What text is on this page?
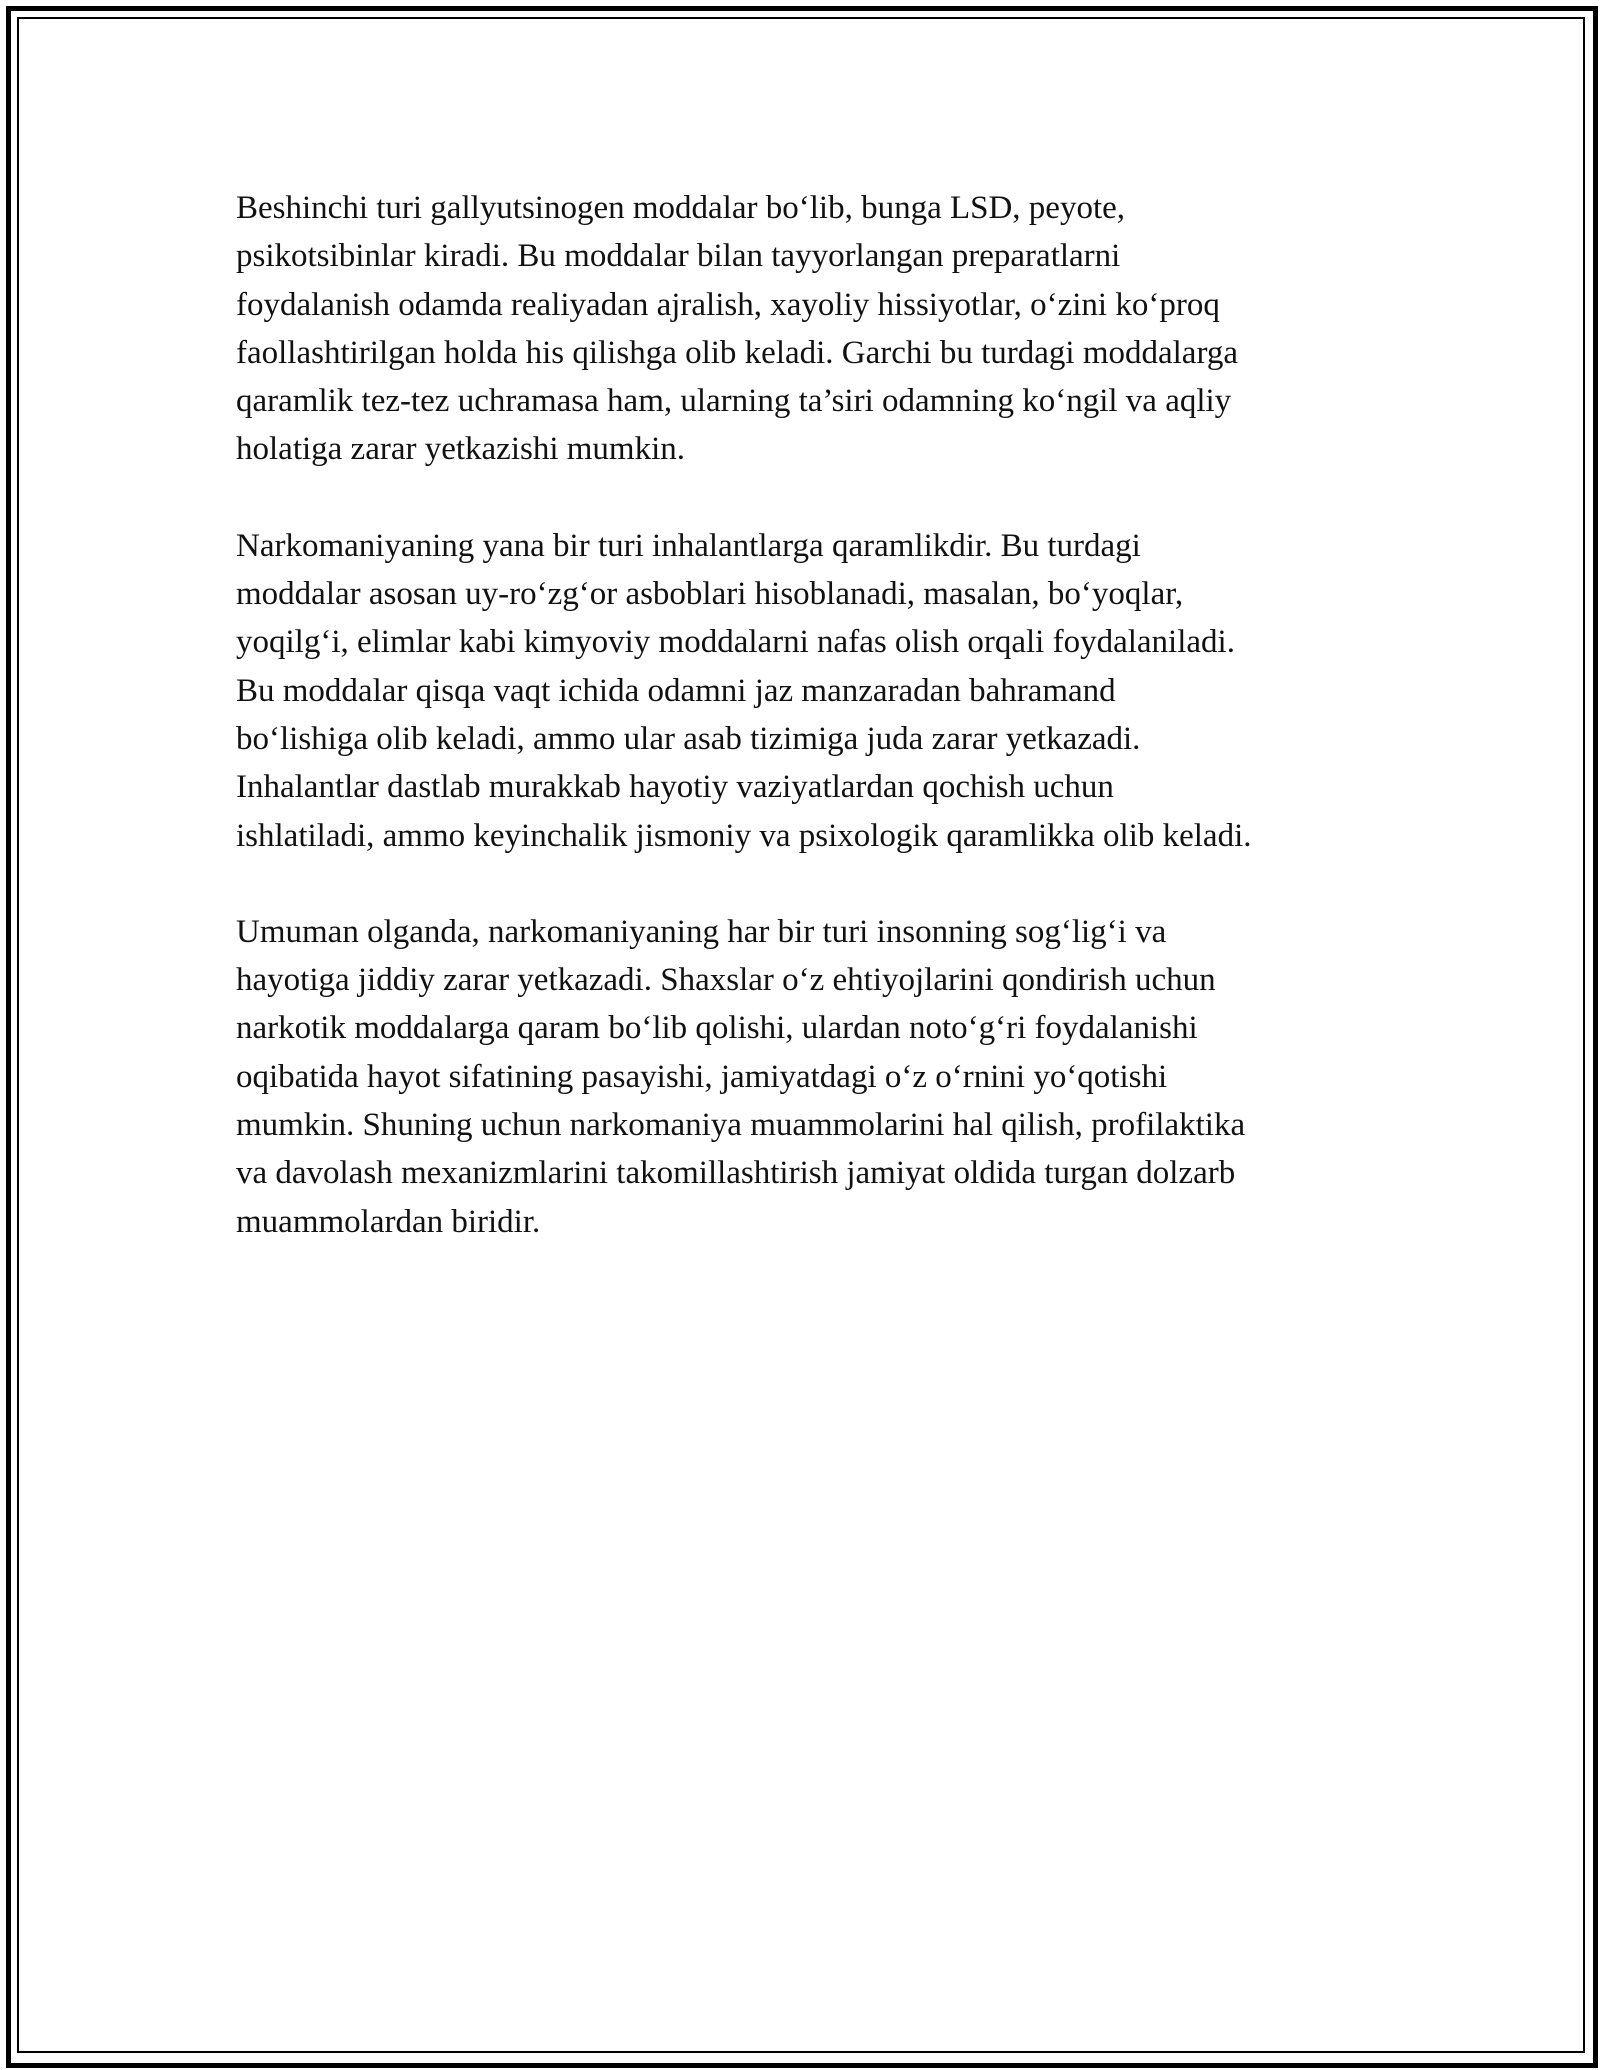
Beshinchi turi gallyutsinogen moddalar bo‘lib, bunga LSD, peyote,
psikotsibinlar kiradi. Bu moddalar bilan tayyorlangan preparatlarni
foydalanish odamda realiyadan ajralish, xayoliy hissiyotlar, o‘zini ko‘proq
faollashtirilgan holda his qilishga olib keladi. Garchi bu turdagi moddalarga
qaramlik tez-tez uchramasa ham, ularning ta’siri odamning ko‘ngil va aqliy
holatiga zarar yetkazishi mumkin.

Narkomaniyaning yana bir turi inhalantlarga qaramlikdir. Bu turdagi
moddalar asosan uy-ro‘zg‘or asboblari hisoblanadi, masalan, bo‘yoqlar,
yoqilg‘i, elimlar kabi kimyoviy moddalarni nafas olish orqali foydalaniladi.
Bu moddalar qisqa vaqt ichida odamni jaz manzaradan bahramand
bo‘lishiga olib keladi, ammo ular asab tizimiga juda zarar yetkazadi.
Inhalantlar dastlab murakkab hayotiy vaziyatlardan qochish uchun
ishlatiladi, ammo keyinchalik jismoniy va psixologik qaramlikka olib keladi.

Umuman olganda, narkomaniyaning har bir turi insonning sog‘lig‘i va
hayotiga jiddiy zarar yetkazadi. Shaxslar o‘z ehtiyojlarini qondirish uchun
narkotik moddalarga qaram bo‘lib qolishi, ulardan noto‘g‘ri foydalanishi
oqibatida hayot sifatining pasayishi, jamiyatdagi o‘z o‘rnini yo‘qotishi
mumkin. Shuning uchun narkomaniya muammolarini hal qilish, profilaktika
va davolash mexanizmlarini takomillashtirish jamiyat oldida turgan dolzarb
muammolardan biridir.
